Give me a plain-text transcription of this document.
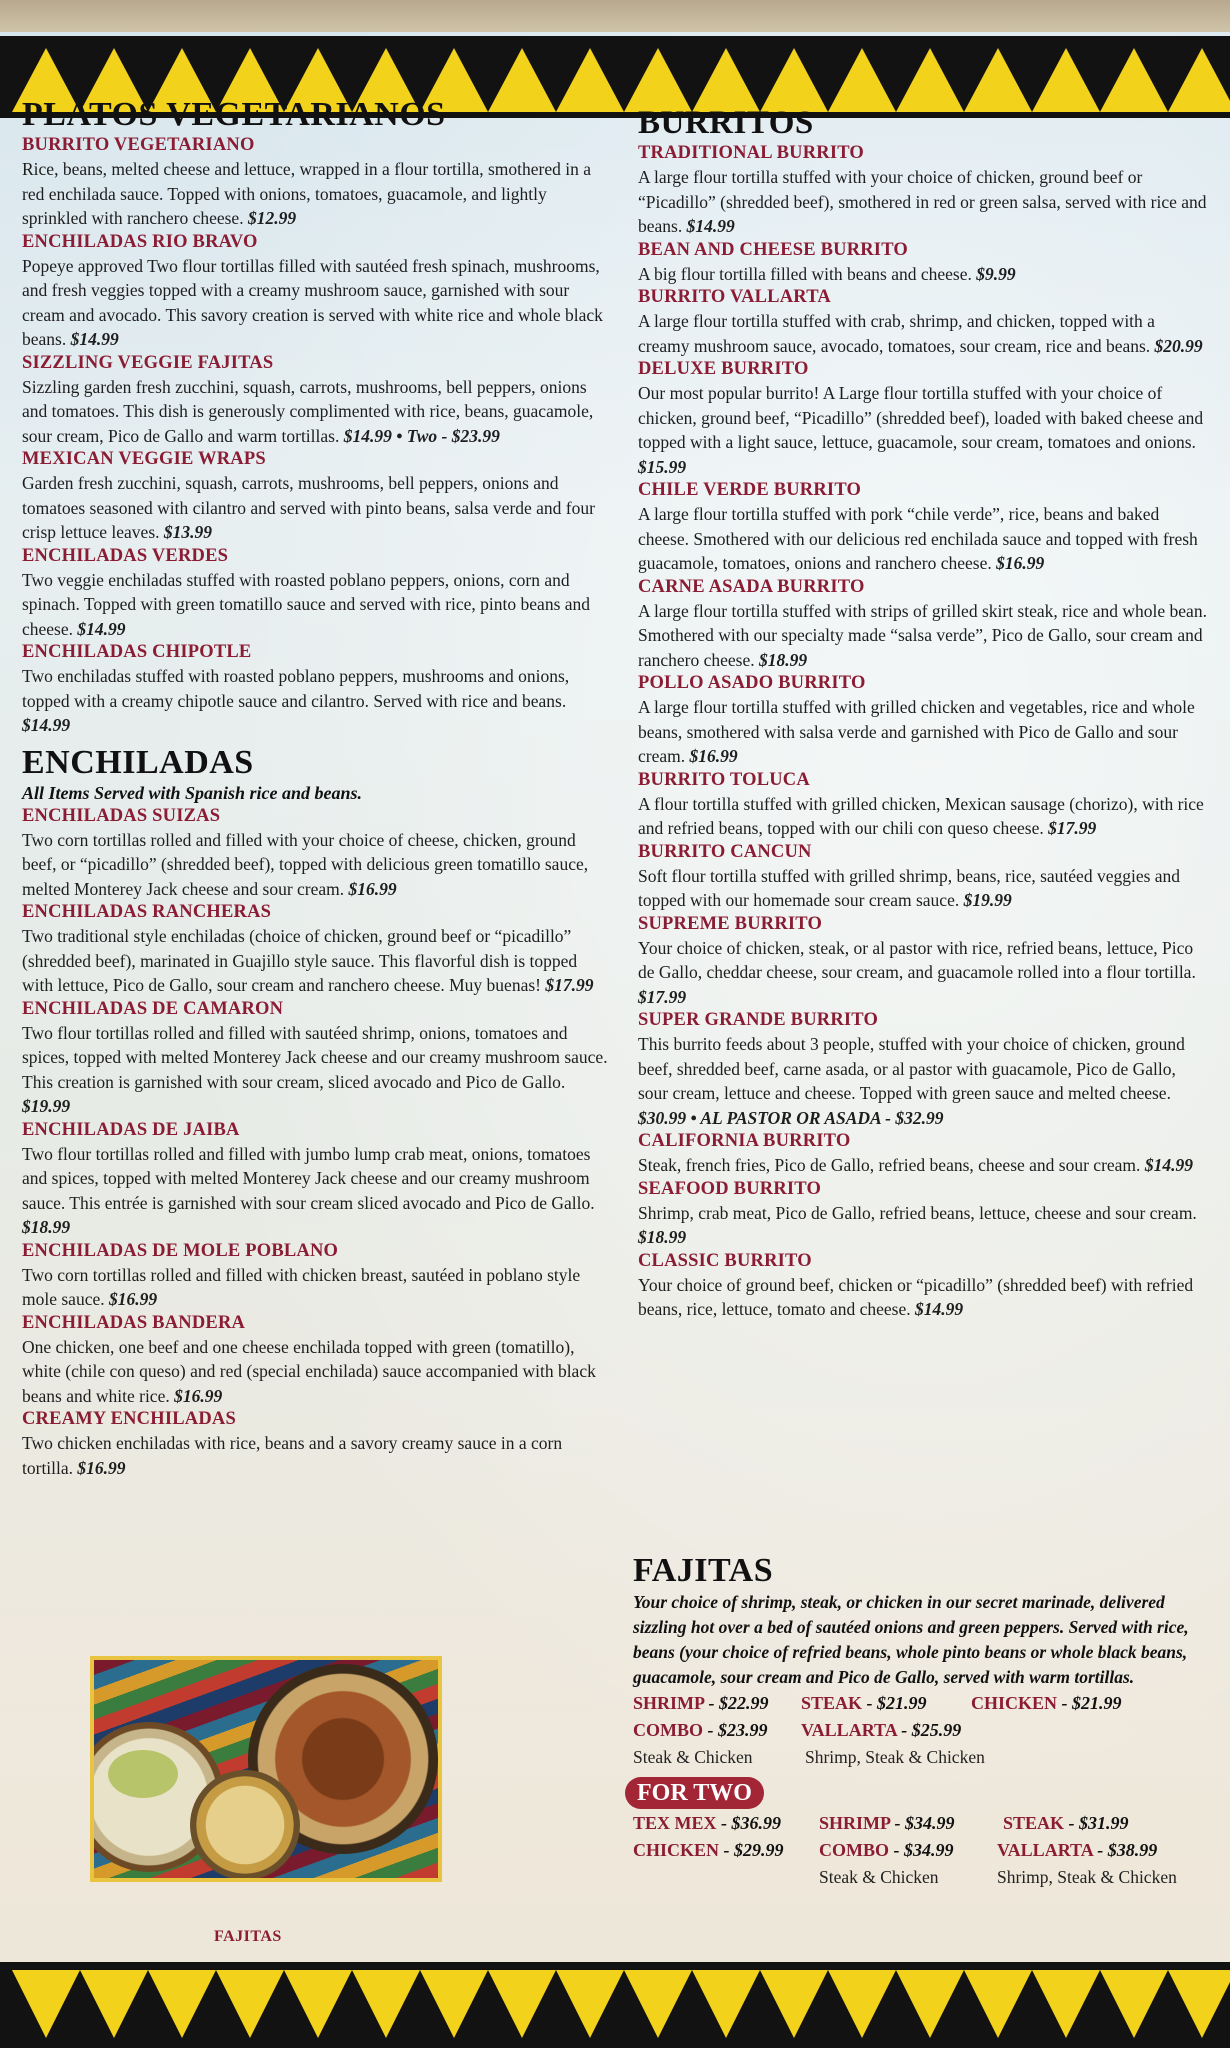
PLATOS VEGETARIANOS
BURRITO VEGETARIANO
Rice, beans, melted cheese and lettuce, wrapped in a flour tortilla, smothered in a red enchilada sauce. Topped with onions, tomatoes, guacamole, and lightly sprinkled with ranchero cheese. $12.99
ENCHILADAS RIO BRAVO
Popeye approved Two flour tortillas filled with sautéed fresh spinach, mushrooms, and fresh veggies topped with a creamy mushroom sauce, garnished with sour cream and avocado. This savory creation is served with white rice and whole black beans. $14.99
SIZZLING VEGGIE FAJITAS
Sizzling garden fresh zucchini, squash, carrots, mushrooms, bell peppers, onions and tomatoes. This dish is generously complimented with rice, beans, guacamole, sour cream, Pico de Gallo and warm tortillas. $14.99 • Two - $23.99
MEXICAN VEGGIE WRAPS
Garden fresh zucchini, squash, carrots, mushrooms, bell peppers, onions and tomatoes seasoned with cilantro and served with pinto beans, salsa verde and four crisp lettuce leaves. $13.99
ENCHILADAS VERDES
Two veggie enchiladas stuffed with roasted poblano peppers, onions, corn and spinach. Topped with green tomatillo sauce and served with rice, pinto beans and cheese. $14.99
ENCHILADAS CHIPOTLE
Two enchiladas stuffed with roasted poblano peppers, mushrooms and onions, topped with a creamy chipotle sauce and cilantro. Served with rice and beans. $14.99
ENCHILADAS
All Items Served with Spanish rice and beans.
ENCHILADAS SUIZAS
Two corn tortillas rolled and filled with your choice of cheese, chicken, ground beef, or “picadillo” (shredded beef), topped with delicious green tomatillo sauce, melted Monterey Jack cheese and sour cream. $16.99
ENCHILADAS RANCHERAS
Two traditional style enchiladas (choice of chicken, ground beef or “picadillo” (shredded beef), marinated in Guajillo style sauce. This flavorful dish is topped with lettuce, Pico de Gallo, sour cream and ranchero cheese. Muy buenas! $17.99
ENCHILADAS DE CAMARON
Two flour tortillas rolled and filled with sautéed shrimp, onions, tomatoes and spices, topped with melted Monterey Jack cheese and our creamy mushroom sauce. This creation is garnished with sour cream, sliced avocado and Pico de Gallo. $19.99
ENCHILADAS DE JAIBA
Two flour tortillas rolled and filled with jumbo lump crab meat, onions, tomatoes and spices, topped with melted Monterey Jack cheese and our creamy mushroom sauce. This entrée is garnished with sour cream sliced avocado and Pico de Gallo. $18.99
ENCHILADAS DE MOLE POBLANO
Two corn tortillas rolled and filled with chicken breast, sautéed in poblano style mole sauce. $16.99
ENCHILADAS BANDERA
One chicken, one beef and one cheese enchilada topped with green (tomatillo), white (chile con queso) and red (special enchilada) sauce accompanied with black beans and white rice. $16.99
CREAMY ENCHILADAS
Two chicken enchiladas with rice, beans and a savory creamy sauce in a corn tortilla. $16.99
BURRITOS
TRADITIONAL BURRITO
A large flour tortilla stuffed with your choice of chicken, ground beef or “Picadillo” (shredded beef), smothered in red or green salsa, served with rice and beans. $14.99
BEAN AND CHEESE BURRITO
A big flour tortilla filled with beans and cheese. $9.99
BURRITO VALLARTA
A large flour tortilla stuffed with crab, shrimp, and chicken, topped with a creamy mushroom sauce, avocado, tomatoes, sour cream, rice and beans. $20.99
DELUXE BURRITO
Our most popular burrito! A Large flour tortilla stuffed with your choice of chicken, ground beef, “Picadillo” (shredded beef), loaded with baked cheese and topped with a light sauce, lettuce, guacamole, sour cream, tomatoes and onions. $15.99
CHILE VERDE BURRITO
A large flour tortilla stuffed with pork “chile verde”, rice, beans and baked cheese. Smothered with our delicious red enchilada sauce and topped with fresh guacamole, tomatoes, onions and ranchero cheese. $16.99
CARNE ASADA BURRITO
A large flour tortilla stuffed with strips of grilled skirt steak, rice and whole bean. Smothered with our specialty made “salsa verde”, Pico de Gallo, sour cream and ranchero cheese. $18.99
POLLO ASADO BURRITO
A large flour tortilla stuffed with grilled chicken and vegetables, rice and whole beans, smothered with salsa verde and garnished with Pico de Gallo and sour cream. $16.99
BURRITO TOLUCA
A flour tortilla stuffed with grilled chicken, Mexican sausage (chorizo), with rice and refried beans, topped with our chili con queso cheese. $17.99
BURRITO CANCUN
Soft flour tortilla stuffed with grilled shrimp, beans, rice, sautéed veggies and topped with our homemade sour cream sauce. $19.99
SUPREME BURRITO
Your choice of chicken, steak, or al pastor with rice, refried beans, lettuce, Pico de Gallo, cheddar cheese, sour cream, and guacamole rolled into a flour tortilla. $17.99
SUPER GRANDE BURRITO
This burrito feeds about 3 people, stuffed with your choice of chicken, ground beef, shredded beef, carne asada, or al pastor with guacamole, Pico de Gallo, sour cream, lettuce and cheese. Topped with green sauce and melted cheese. $30.99 • AL PASTOR OR ASADA - $32.99
CALIFORNIA BURRITO
Steak, french fries, Pico de Gallo, refried beans, cheese and sour cream. $14.99
SEAFOOD BURRITO
Shrimp, crab meat, Pico de Gallo, refried beans, lettuce, cheese and sour cream. $18.99
CLASSIC BURRITO
Your choice of ground beef, chicken or “picadillo” (shredded beef) with refried beans, rice, lettuce, tomato and cheese. $14.99
FAJITAS
Your choice of shrimp, steak, or chicken in our secret marinade, delivered sizzling hot over a bed of sautéed onions and green peppers. Served with rice, beans (your choice of refried beans, whole pinto beans or whole black beans, guacamole, sour cream and Pico de Gallo, served with warm tortillas.
SHRIMP - $22.99 STEAK - $21.99 CHICKEN - $21.99
COMBO - $23.99 VALLARTA - $25.99
Steak & Chicken	Shrimp, Steak & Chicken
FOR TWO
TEX MEX - $36.99 SHRIMP - $34.99	STEAK - $31.99
CHICKEN - $29.99 COMBO - $34.99 VALLARTA - $38.99
Steak & Chicken	Shrimp, Steak & Chicken
FAJITAS
